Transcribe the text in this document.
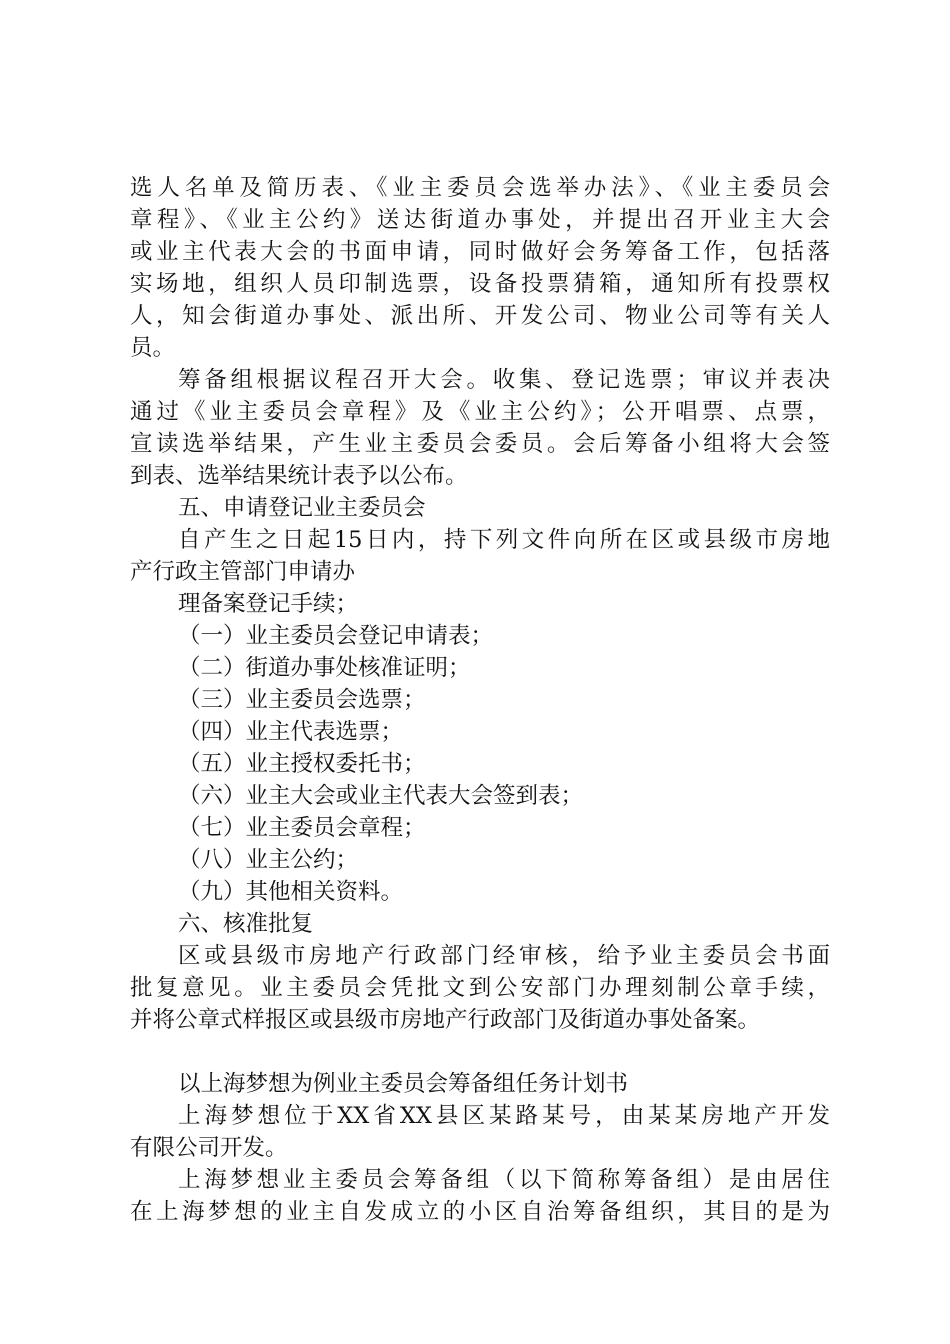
选人名单及简历表、《业主委员会选举办法》、《业主委员会
章程》、《业主公约》送达街道办事处，并提出召开业主大会
或业主代表大会的书面申请，同时做好会务筹备工作，包括落
实场地，组织人员印制选票，设备投票猜箱，通知所有投票权
人，知会街道办事处、派出所、开发公司、物业公司等有关人
员。
筹备组根据议程召开大会。收集、登记选票；审议并表决
通过《业主委员会章程》及《业主公约》；公开唱票、点票，
宣读选举结果，产生业主委员会委员。会后筹备小组将大会签
到表、选举结果统计表予以公布。
五、申请登记业主委员会
自产生之日起15日内，持下列文件向所在区或县级市房地
产行政主管部门申请办
理备案登记手续；
（一）业主委员会登记申请表；
（二）街道办事处核准证明；
（三）业主委员会选票；
（四）业主代表选票；
（五）业主授权委托书；
（六）业主大会或业主代表大会签到表；
（七）业主委员会章程；
（八）业主公约；
（九）其他相关资料。
六、核准批复
区或县级市房地产行政部门经审核，给予业主委员会书面
批复意见。业主委员会凭批文到公安部门办理刻制公章手续，
并将公章式样报区或县级市房地产行政部门及街道办事处备案。
以上海梦想为例业主委员会筹备组任务计划书
上海梦想位于XX省XX县区某路某号，由某某房地产开发
有限公司开发。
上海梦想业主委员会筹备组（以下简称筹备组）是由居住
在上海梦想的业主自发成立的小区自治筹备组织，其目的是为
